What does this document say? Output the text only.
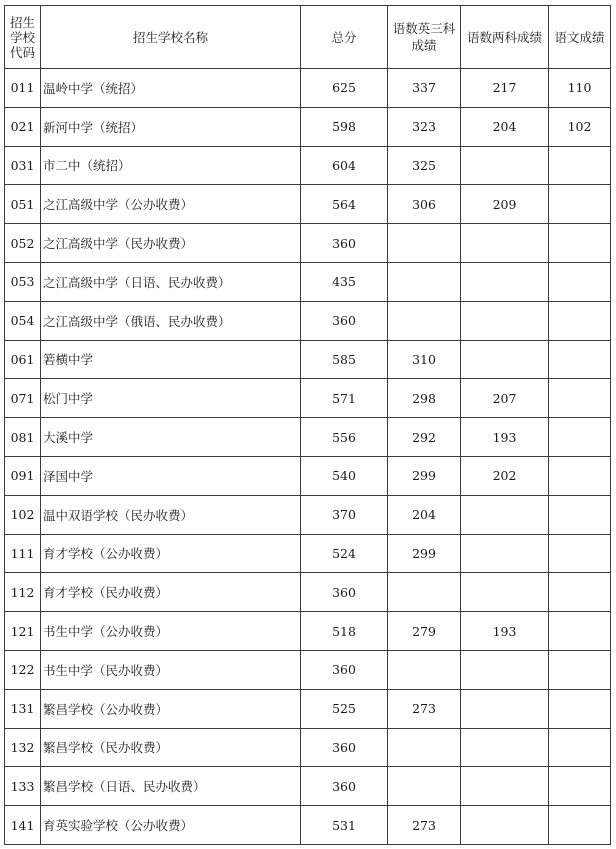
招生学校代码	招生学校名称	总分	语数英三科成绩	语数两科成绩	语文成绩
011	温岭中学（统招）	625	337	217	110
021	新河中学（统招）	598	323	204	102
031	市二中（统招）	604	325		
051	之江高级中学（公办收费）	564	306	209	
052	之江高级中学（民办收费）	360			
053	之江高级中学（日语、民办收费）	435			
054	之江高级中学（俄语、民办收费）	360			
061	箬横中学	585	310		
071	松门中学	571	298	207	
081	大溪中学	556	292	193	
091	泽国中学	540	299	202	
102	温中双语学校（民办收费）	370	204		
111	育才学校（公办收费）	524	299		
112	育才学校（民办收费）	360			
121	书生中学（公办收费）	518	279	193	
122	书生中学（民办收费）	360			
131	繁昌学校（公办收费）	525	273		
132	繁昌学校（民办收费）	360			
133	繁昌学校（日语、民办收费）	360			
141	育英实验学校（公办收费）	531	273		
